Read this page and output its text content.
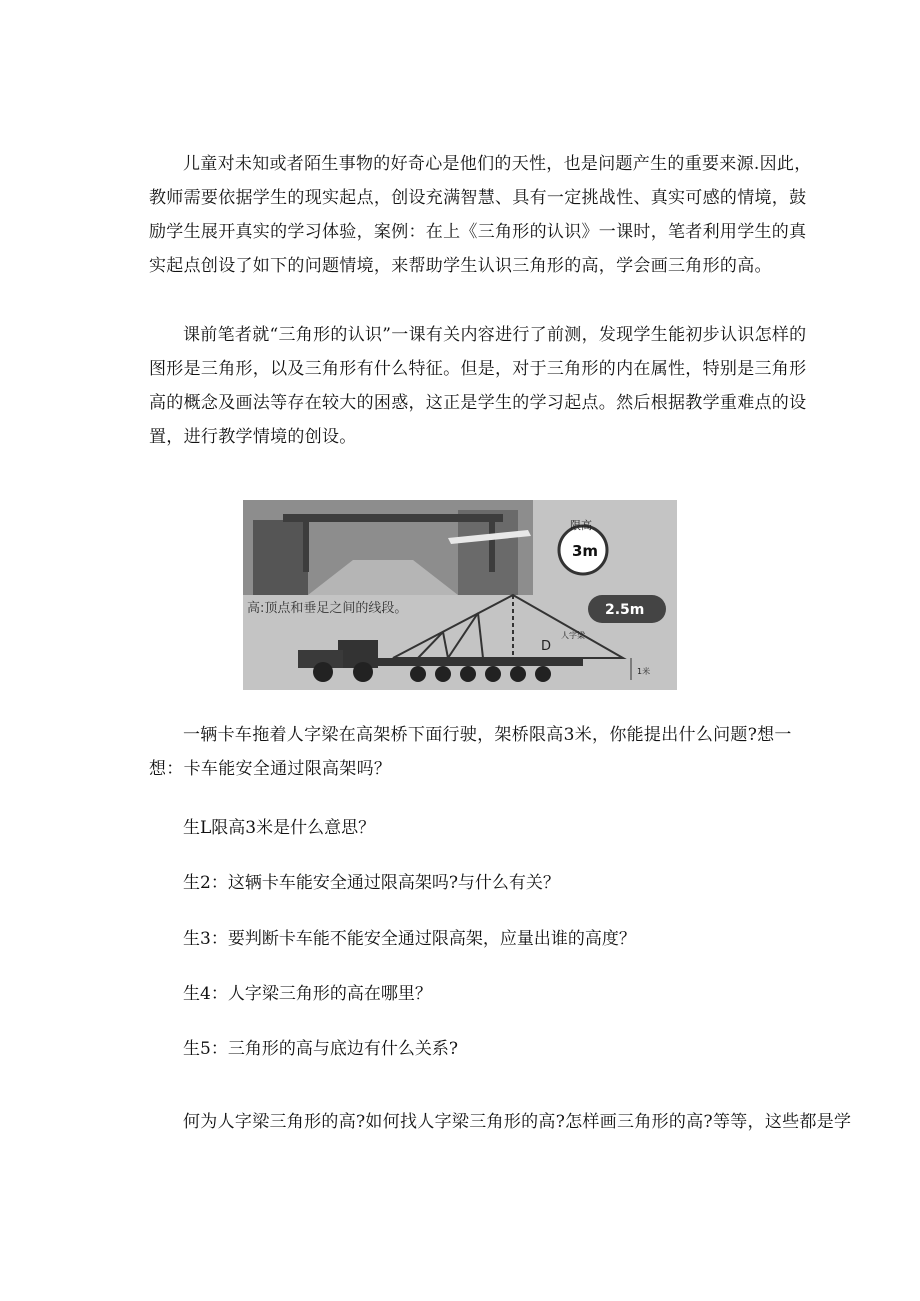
儿童对未知或者陌生事物的好奇心是他们的天性，也是问题产生的重要来源.因此，教师需要依据学生的现实起点，创设充满智慧、具有一定挑战性、真实可感的情境，鼓励学生展开真实的学习体验，案例：在上《三角形的认识》一课时，笔者利用学生的真实起点创设了如下的问题情境，来帮助学生认识三角形的高，学会画三角形的高。

课前笔者就“三角形的认识”一课有关内容进行了前测，发现学生能初步认识怎样的图形是三角形，以及三角形有什么特征。但是，对于三角形的内在属性，特别是三角形高的概念及画法等存在较大的困惑，这正是学生的学习起点。然后根据教学重难点的设置，进行教学情境的创设。

限高
3m
高:顶点和垂足之间的线段。	2.5m
人字梁
D
1米

一辆卡车拖着人字梁在高架桥下面行驶，架桥限高3米，你能提出什么问题?想一想：卡车能安全通过限高架吗？

生L限高3米是什么意思？

生2：这辆卡车能安全通过限高架吗?与什么有关？

生3：要判断卡车能不能安全通过限高架，应量出谁的高度？

生4：人字梁三角形的高在哪里？

生5：三角形的高与底边有什么关系?

何为人字梁三角形的高?如何找人字梁三角形的高?怎样画三角形的高?等等，这些都是学
